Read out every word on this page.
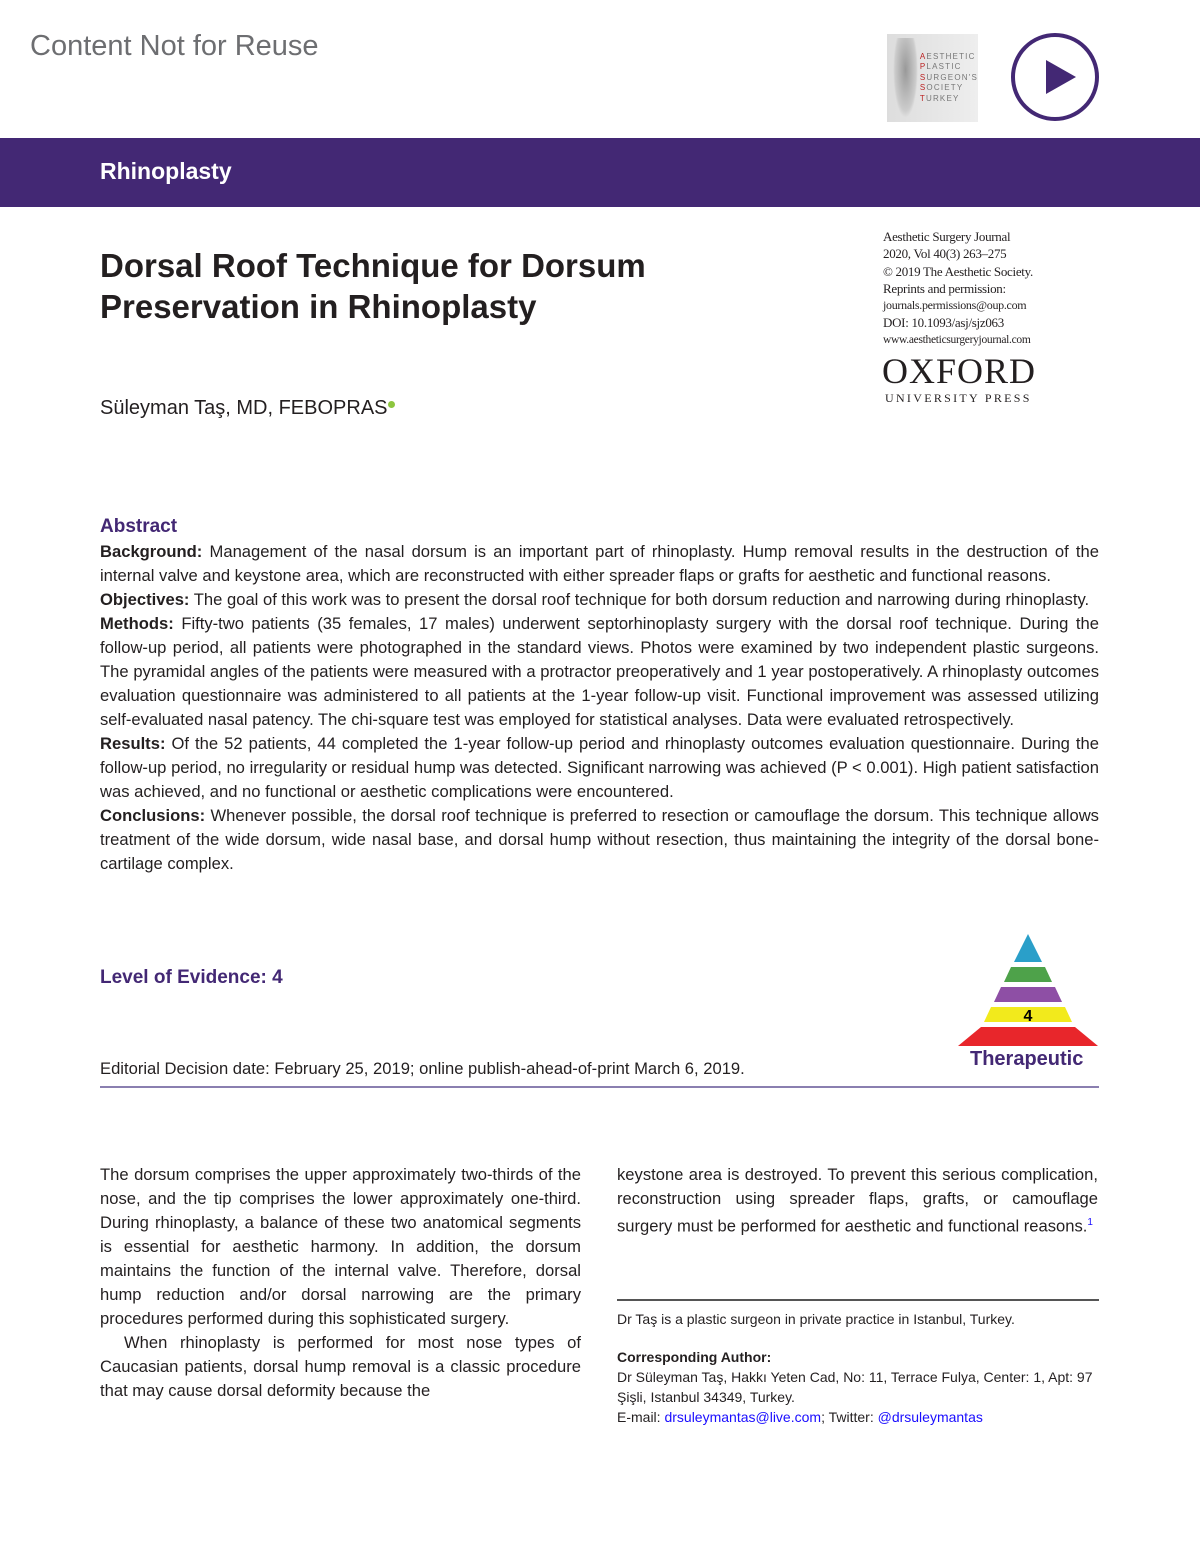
Content Not for Reuse	AESTHETIC
PLASTIC
SURGEON'S
SOCIETY
TURKEY
Rhinoplasty
Dorsal Roof Technique for Dorsum Preservation in Rhinoplasty
Aesthetic Surgery Journal
2020, Vol 40(3) 263–275
© 2019 The Aesthetic Society.
Reprints and permission:
journals.permissions@oup.com
DOI: 10.1093/asj/sjz063
www.aestheticsurgeryjournal.com
OXFORD
UNIVERSITY PRESS
Süleyman Taş, MD, FEBOPRAS
Abstract
Background: Management of the nasal dorsum is an important part of rhinoplasty. Hump removal results in the destruction of the internal valve and keystone area, which are reconstructed with either spreader flaps or grafts for aesthetic and functional reasons.
Objectives: The goal of this work was to present the dorsal roof technique for both dorsum reduction and narrowing during rhinoplasty.
Methods: Fifty-two patients (35 females, 17 males) underwent septorhinoplasty surgery with the dorsal roof technique. During the follow-up period, all patients were photographed in the standard views. Photos were examined by two independent plastic surgeons. The pyramidal angles of the patients were measured with a protractor preoperatively and 1 year postoperatively. A rhinoplasty outcomes evaluation questionnaire was administered to all patients at the 1-year follow-up visit. Functional improvement was assessed utilizing self-evaluated nasal patency. The chi-square test was employed for statistical analyses. Data were evaluated retrospectively.
Results: Of the 52 patients, 44 completed the 1-year follow-up period and rhinoplasty outcomes evaluation questionnaire. During the follow-up period, no irregularity or residual hump was detected. Significant narrowing was achieved (P < 0.001). High patient satisfaction was achieved, and no functional or aesthetic complications were encountered.
Conclusions: Whenever possible, the dorsal roof technique is preferred to resection or camouflage the dorsum. This technique allows treatment of the wide dorsum, wide nasal base, and dorsal hump without resection, thus maintaining the integrity of the dorsal bone-cartilage complex.
Level of Evidence: 4
4
Therapeutic
Editorial Decision date: February 25, 2019; online publish-ahead-of-print March 6, 2019.

The dorsum comprises the upper approximately two-thirds of the nose, and the tip comprises the lower approximately one-third. During rhinoplasty, a balance of these two anatomical segments is essential for aesthetic harmony. In addition, the dorsum maintains the function of the internal valve. Therefore, dorsal hump reduction and/or dorsal narrowing are the primary procedures performed during this sophisticated surgery.

When rhinoplasty is performed for most nose types of Caucasian patients, dorsal hump removal is a classic procedure that may cause dorsal deformity because the

keystone area is destroyed. To prevent this serious complication, reconstruction using spreader flaps, grafts, or camouflage surgery must be performed for aesthetic and functional reasons.$^1$

Dr Taş is a plastic surgeon in private practice in Istanbul, Turkey.
Corresponding Author:
Dr Süleyman Taş, Hakkı Yeten Cad, No: 11, Terrace Fulya, Center: 1, Apt: 97 Şişli, Istanbul 34349, Turkey.
E-mail: drsuleymantas@live.com; Twitter: @drsuleymantas
